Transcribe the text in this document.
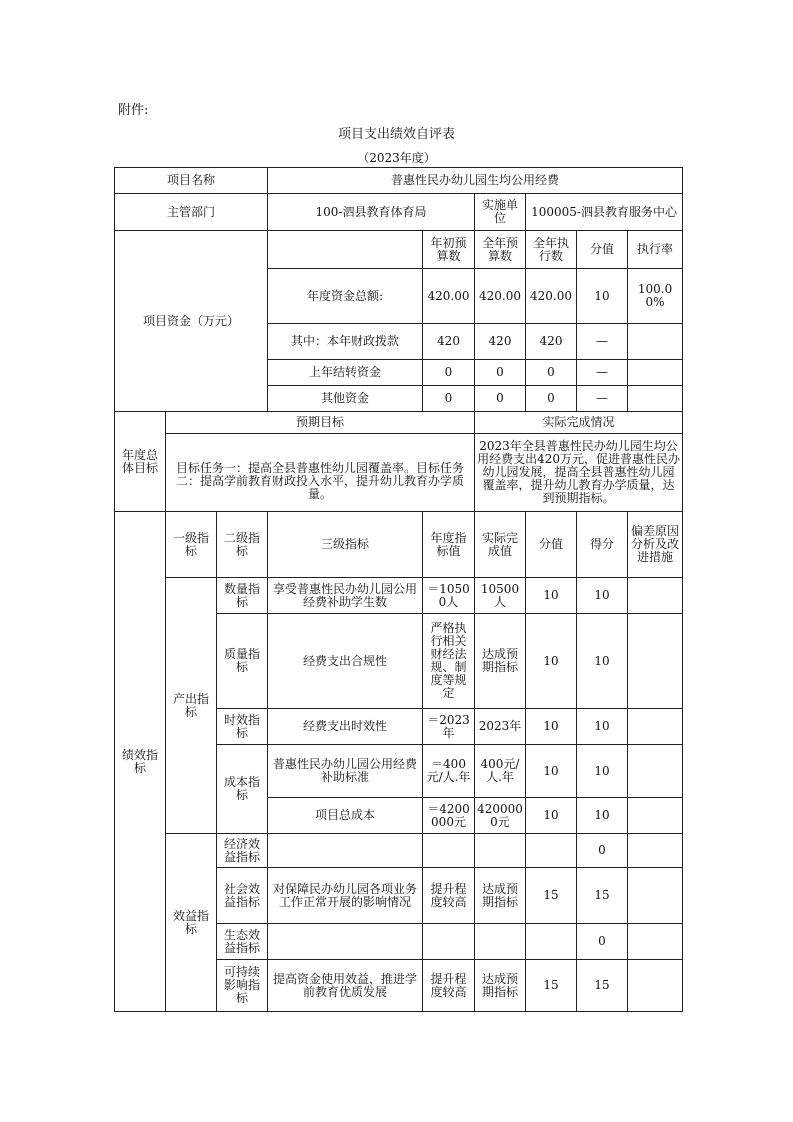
附件:
项目支出绩效自评表
（2023年度）
项目名称			普惠性民办幼儿园生均公用经费						
主管部门			100-泗县教育体育局		实施单位	100005-泗县教育服务中心			
项目资金（万元）				年初预算数	全年预算数	全年执行数	分值	执行率	
			年度资金总额:	420.00	420.00	420.00	10	100.00%	
			其中：本年财政拨款	420	420	420	—		
			上年结转资金	0	0	0	—		
			其他资金	0	0	0	—		
年度总体目标	预期目标				实际完成情况				
	目标任务一：提高全县普惠性幼儿园覆盖率。目标任务二：提高学前教育财政投入水平，提升幼儿教育办学质量。				2023年全县普惠性民办幼儿园生均公用经费支出420万元，促进普惠性民办幼儿园发展，提高全县普惠性幼儿园覆盖率，提升幼儿教育办学质量，达到预期指标。				
绩效指标	一级指标	二级指标	三级指标	年度指标值	实际完成值	分值	得分	偏差原因分析及改进措施	
	产出指标	数量指标	享受普惠性民办幼儿园公用经费补助学生数	＝10500人	10500人	10	10		
		质量指标	经费支出合规性	严格执行相关财经法规、制度等规定	达成预期指标	10	10		
		时效指标	经费支出时效性	＝2023年	2023年	10	10		
		成本指标	普惠性民办幼儿园公用经费补助标准	＝400元/人.年	400元/人.年	10	10		
			项目总成本	＝4200000元	4200000元	10	10		
	效益指标	经济效益指标					0		
		社会效益指标	对保障民办幼儿园各项业务工作正常开展的影响情况	提升程度较高	达成预期指标	15	15		
		生态效益指标					0		
		可持续影响指标	提高资金使用效益，推进学前教育优质发展	提升程度较高	达成预期指标	15	15		
